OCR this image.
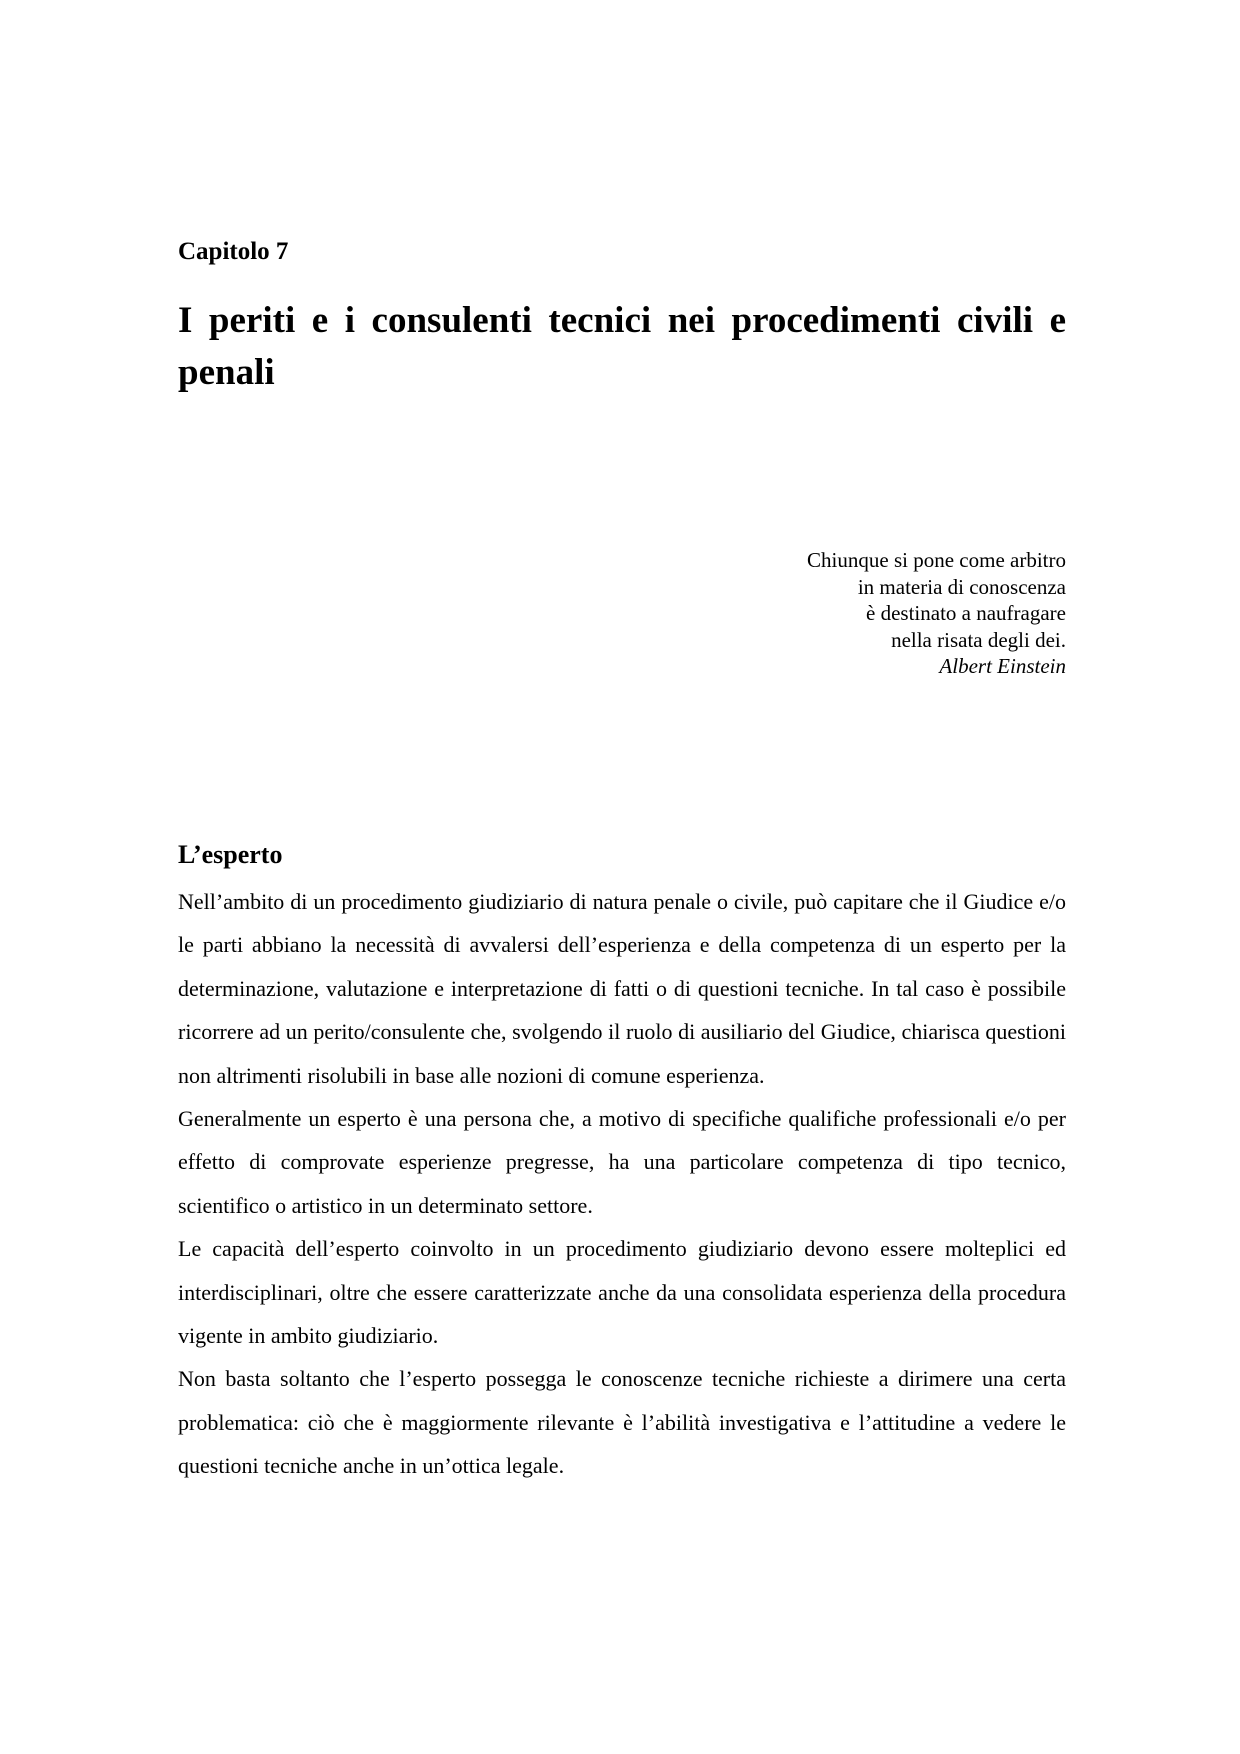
Capitolo 7
I periti e i consulenti tecnici nei procedimenti civili e penali
Chiunque si pone come arbitro
in materia di conoscenza
è destinato a naufragare
nella risata degli dei.
Albert Einstein
L’esperto

Nell’ambito di un procedimento giudiziario di natura penale o civile, può capitare che il Giudice e/o le parti abbiano la necessità di avvalersi dell’esperienza e della competenza di un esperto per la determinazione, valutazione e interpretazione di fatti o di questioni tecniche. In tal caso è possibile ricorrere ad un perito/consulente che, svolgendo il ruolo di ausiliario del Giudice, chiarisca questioni non altrimenti risolubili in base alle nozioni di comune esperienza.

Generalmente un esperto è una persona che, a motivo di specifiche qualifiche professionali e/o per effetto di comprovate esperienze pregresse, ha una particolare competenza di tipo tecnico, scientifico o artistico in un determinato settore.

Le capacità dell’esperto coinvolto in un procedimento giudiziario devono essere molteplici ed interdisciplinari, oltre che essere caratterizzate anche da una consolidata esperienza della procedura vigente in ambito giudiziario.

Non basta soltanto che l’esperto possegga le conoscenze tecniche richieste a dirimere una certa problematica: ciò che è maggiormente rilevante è l’abilità investigativa e l’attitudine a vedere le questioni tecniche anche in un’ottica legale.
